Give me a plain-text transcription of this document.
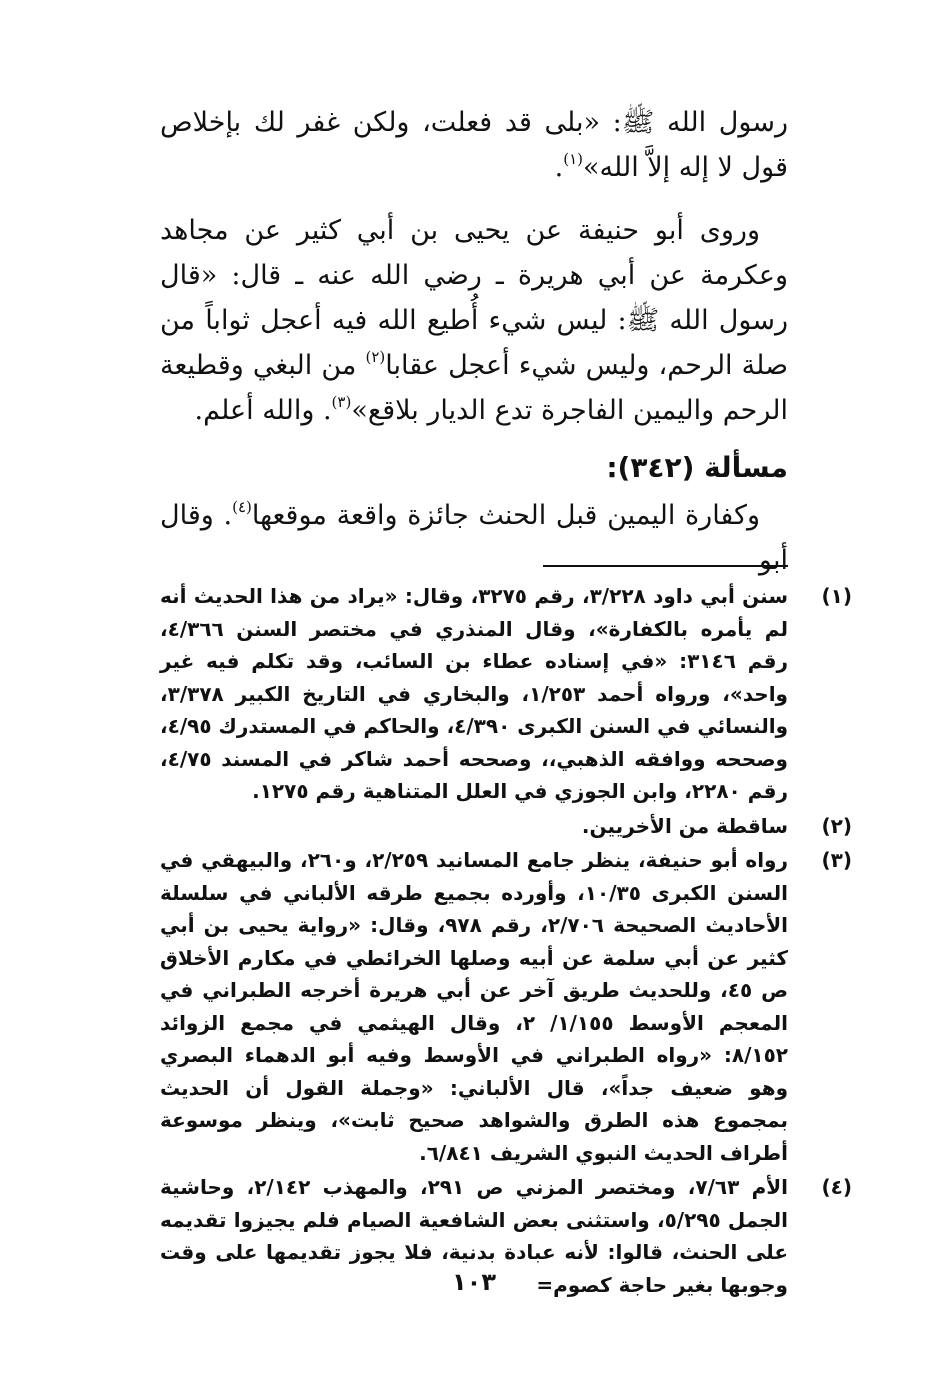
رسول الله ﷺ: «بلى قد فعلت، ولكن غفر لك بإخلاص قول لا إله إلاَّ الله»$^{(١)}$.

وروى أبو حنيفة عن يحيى بن أبي كثير عن مجاهد وعكرمة عن أبي هريرة ـ رضي الله عنه ـ قال: «قال رسول الله ﷺ: ليس شيء أُطيع الله فيه أعجل ثواباً من صلة الرحم، وليس شيء أعجل عقابا$^{(٢)}$ من البغي وقطيعة الرحم واليمين الفاجرة تدع الديار بلاقع»$^{(٣)}$. والله أعلم.

مسألة (٣٤٢):

وكفارة اليمين قبل الحنث جائزة واقعة موقعها$^{(٤)}$. وقال أبو

(١)
سنن أبي داود ٣/٢٢٨، رقم ٣٢٧٥، وقال: «يراد من هذا الحديث أنه لم يأمره بالكفارة»، وقال المنذري في مختصر السنن ٤/٣٦٦، رقم ٣١٤٦: «في إسناده عطاء بن السائب، وقد تكلم فيه غير واحد»، ورواه أحمد ١/٢٥٣، والبخاري في التاريخ الكبير ٣/٣٧٨، والنسائي في السنن الكبرى ٤/٣٩٠، والحاكم في المستدرك ٤/٩٥، وصححه ووافقه الذهبي،، وصححه أحمد شاكر في المسند ٤/٧٥، رقم ٢٢٨٠، وابن الجوزي في العلل المتناهية رقم ١٢٧٥.
(٢)
ساقطة من الأخريين.
(٣)
رواه أبو حنيفة، ينظر جامع المسانيد ٢/٢٥٩، و٢٦٠، والبيهقي في السنن الكبرى ١٠/٣٥، وأورده بجميع طرقه الألباني في سلسلة الأحاديث الصحيحة ٢/٧٠٦، رقم ٩٧٨، وقال: «رواية يحيى بن أبي كثير عن أبي سلمة عن أبيه وصلها الخرائطي في مكارم الأخلاق ص ٤٥، وللحديث طريق آخر عن أبي هريرة أخرجه الطبراني في المعجم الأوسط ١/١٥٥/ ٢، وقال الهيثمي في مجمع الزوائد ٨/١٥٢: «رواه الطبراني في الأوسط وفيه أبو الدهماء البصري وهو ضعيف جداً»، قال الألباني: «وجملة القول أن الحديث بمجموع هذه الطرق والشواهد صحيح ثابت»، وينظر موسوعة أطراف الحديث النبوي الشريف ٦/٨٤١.
(٤)
الأم ٧/٦٣، ومختصر المزني ص ٢٩١، والمهذب ٢/١٤٢، وحاشية الجمل ٥/٢٩٥، واستثنى بعض الشافعية الصيام فلم يجيزوا تقديمه على الحنث، قالوا: لأنه عبادة بدنية، فلا يجوز تقديمها على وقت وجوبها بغير حاجة كصوم=
١٠٣
